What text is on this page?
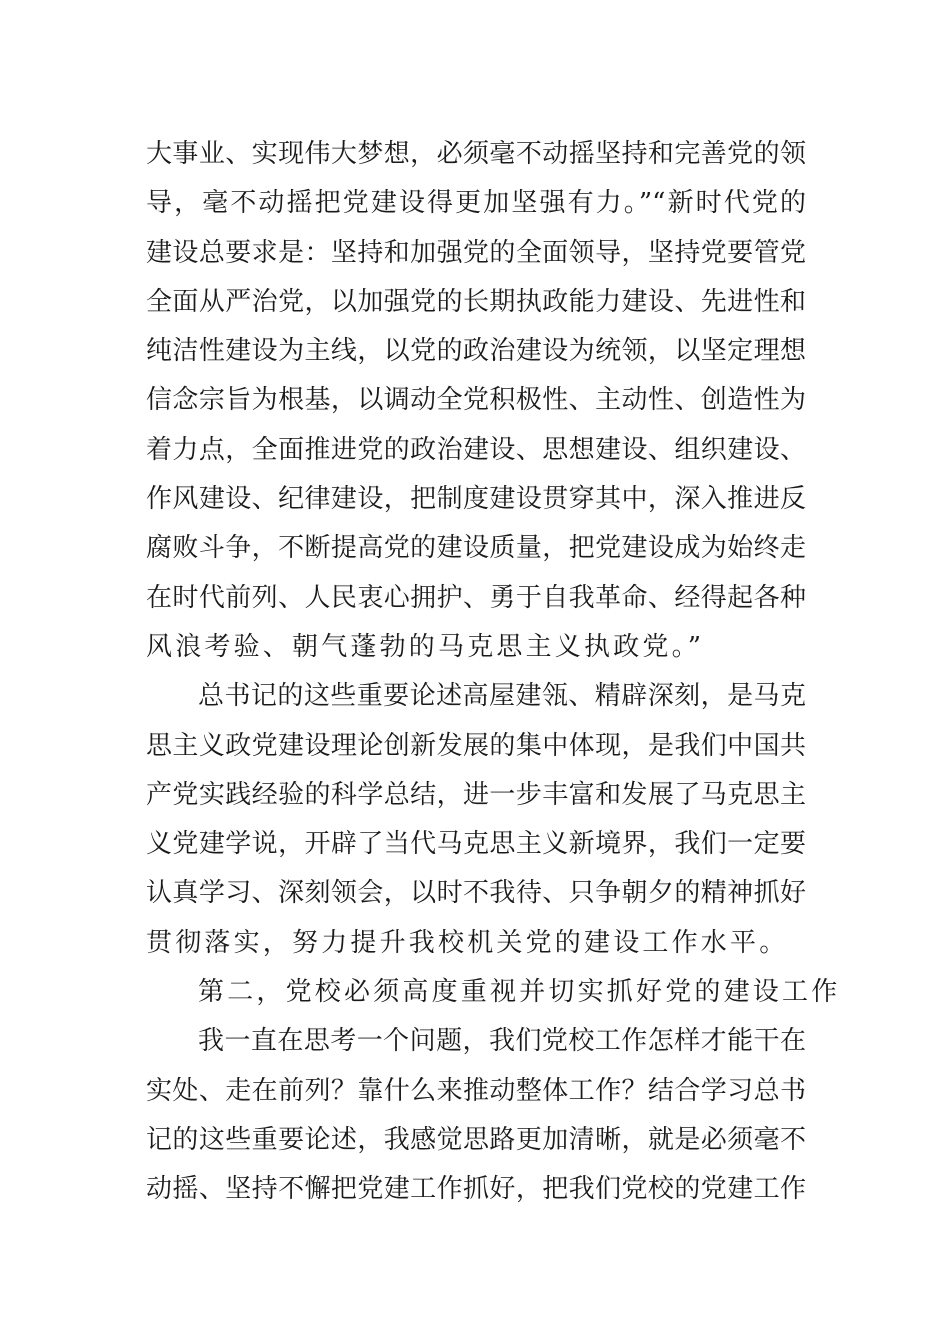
大事业、实现伟大梦想，必须毫不动摇坚持和完善党的领
导，毫不动摇把党建设得更加坚强有力。”“新时代党的
建设总要求是：坚持和加强党的全面领导，坚持党要管党
全面从严治党，以加强党的长期执政能力建设、先进性和
纯洁性建设为主线，以党的政治建设为统领，以坚定理想
信念宗旨为根基，以调动全党积极性、主动性、创造性为
着力点，全面推进党的政治建设、思想建设、组织建设、
作风建设、纪律建设，把制度建设贯穿其中，深入推进反
腐败斗争，不断提高党的建设质量，把党建设成为始终走
在时代前列、人民衷心拥护、勇于自我革命、经得起各种
风浪考验、朝气蓬勃的马克思主义执政党。”
总书记的这些重要论述高屋建瓴、精辟深刻，是马克
思主义政党建设理论创新发展的集中体现，是我们中国共
产党实践经验的科学总结，进一步丰富和发展了马克思主
义党建学说，开辟了当代马克思主义新境界，我们一定要
认真学习、深刻领会，以时不我待、只争朝夕的精神抓好
贯彻落实，努力提升我校机关党的建设工作水平。
第二，党校必须高度重视并切实抓好党的建设工作
我一直在思考一个问题，我们党校工作怎样才能干在
实处、走在前列？靠什么来推动整体工作？结合学习总书
记的这些重要论述，我感觉思路更加清晰，就是必须毫不
动摇、坚持不懈把党建工作抓好，把我们党校的党建工作
